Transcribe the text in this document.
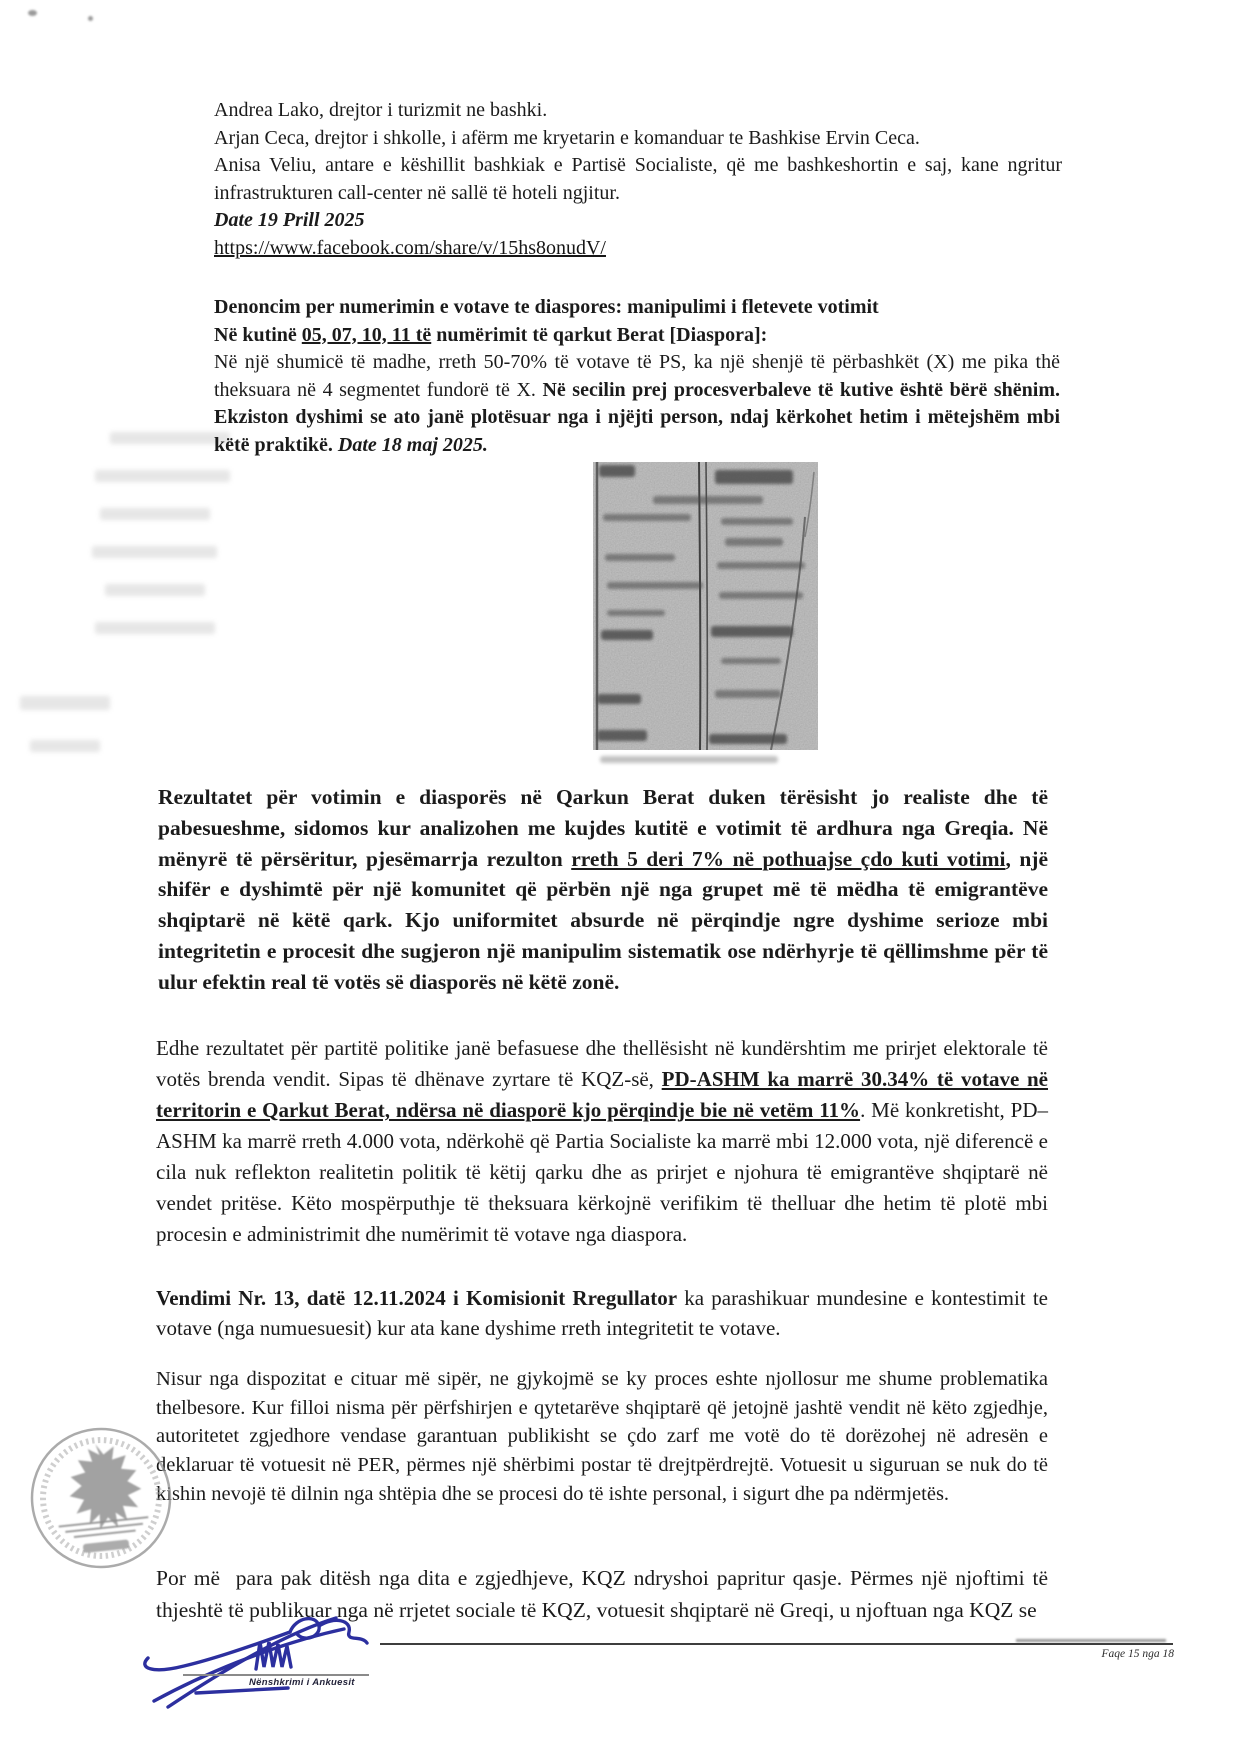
Andrea Lako, drejtor i turizmit ne bashki.
Arjan Ceca, drejtor i shkolle, i afërm me kryetarin e komanduar te Bashkise Ervin Ceca.
Anisa Veliu, antare e këshillit bashkiak e Partisë Socialiste, që me bashkeshortin e saj, kane ngritur infrastrukturen call-center në sallë të hoteli ngjitur.
Date 19 Prill 2025
https://www.facebook.com/share/v/15hs8onudV/
Denoncim per numerimin e votave te diaspores: manipulimi i fletevete votimit
Në kutinë 05, 07, 10, 11 të numërimit të qarkut Berat [Diaspora]:
Në një shumicë të madhe, rreth 50-70% të votave të PS, ka një shenjë të përbashkët (X) me pika thë theksuara në 4 segmentet fundorë të X. Në secilin prej procesverbaleve të kutive është bërë shënim. Ekziston dyshimi se ato janë plotësuar nga i njëjti person, ndaj kërkohet hetim i mëtejshëm mbi këtë praktikë. Date 18 maj 2025.
Rezultatet për votimin e diasporës në Qarkun Berat duken tërësisht jo realiste dhe të pabesueshme, sidomos kur analizohen me kujdes kutitë e votimit të ardhura nga Greqia. Në mënyrë të përsëritur, pjesëmarrja rezulton rreth 5 deri 7% në pothuajse çdo kuti votimi, një shifër e dyshimtë për një komunitet që përbën një nga grupet më të mëdha të emigrantëve shqiptarë në këtë qark. Kjo uniformitet absurde në përqindje ngre dyshime serioze mbi integritetin e procesit dhe sugjeron një manipulim sistematik ose ndërhyrje të qëllimshme për të ulur efektin real të votës së diasporës në këtë zonë.
Edhe rezultatet për partitë politike janë befasuese dhe thellësisht në kundërshtim me prirjet elektorale të votës brenda vendit. Sipas të dhënave zyrtare të KQZ-së, PD-ASHM ka marrë 30.34% të votave në territorin e Qarkut Berat, ndërsa në diasporë kjo përqindje bie në vetëm 11%. Më konkretisht, PD–ASHM ka marrë rreth 4.000 vota, ndërkohë që Partia Socialiste ka marrë mbi 12.000 vota, një diferencë e cila nuk reflekton realitetin politik të këtij qarku dhe as prirjet e njohura të emigrantëve shqiptarë në vendet pritëse. Këto mospërputhje të theksuara kërkojnë verifikim të thelluar dhe hetim të plotë mbi procesin e administrimit dhe numërimit të votave nga diaspora.
Vendimi Nr. 13, datë 12.11.2024 i Komisionit Rregullator ka parashikuar mundesine e kontestimit te votave (nga numuesuesit) kur ata kane dyshime rreth integritetit te votave.
Nisur nga dispozitat e cituar më sipër, ne gjykojmë se ky proces eshte njollosur me shume problematika thelbesore. Kur filloi nisma për përfshirjen e qytetarëve shqiptarë që jetojnë jashtë vendit në këto zgjedhje, autoritetet zgjedhore vendase garantuan publikisht se çdo zarf me votë do të dorëzohej në adresën e deklaruar të votuesit në PER, përmes një shërbimi postar të drejtpërdrejtë. Votuesit u siguruan se nuk do të kishin nevojë të dilnin nga shtëpia dhe se procesi do të ishte personal, i sigurt dhe pa ndërmjetës.
Por më  para pak ditësh nga dita e zgjedhjeve, KQZ ndryshoi papritur qasje. Përmes një njoftimi të thjeshtë të publikuar nga në rrjetet sociale të KQZ, votuesit shqiptarë në Greqi, u njoftuan nga KQZ se
Nënshkrimi i Ankuesit
Faqe 15 nga 18
